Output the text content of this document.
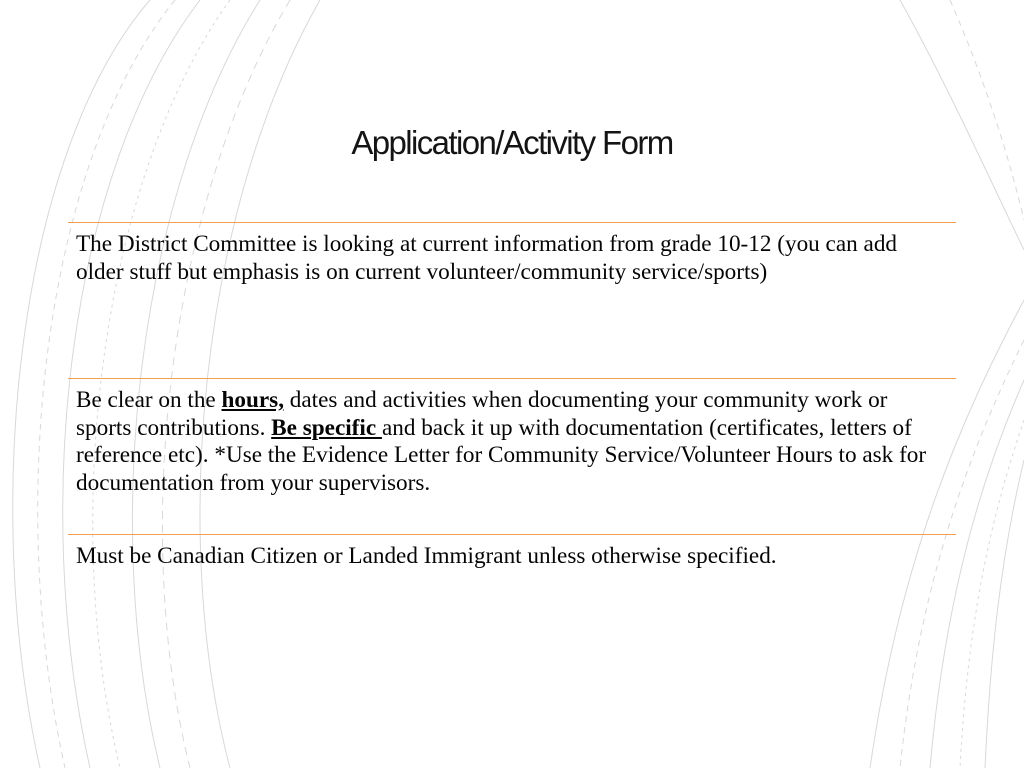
Application/Activity Form
The District Committee is looking at current information from grade 10-12 (you can add older stuff but emphasis is on current volunteer/community service/sports)
Be clear on the hours, dates and activities when documenting your community work or sports contributions. Be specific and back it up with documentation (certificates, letters of reference etc). *Use the Evidence Letter for Community Service/Volunteer Hours to ask for documentation from your supervisors.
Must be Canadian Citizen or Landed Immigrant unless otherwise specified.
